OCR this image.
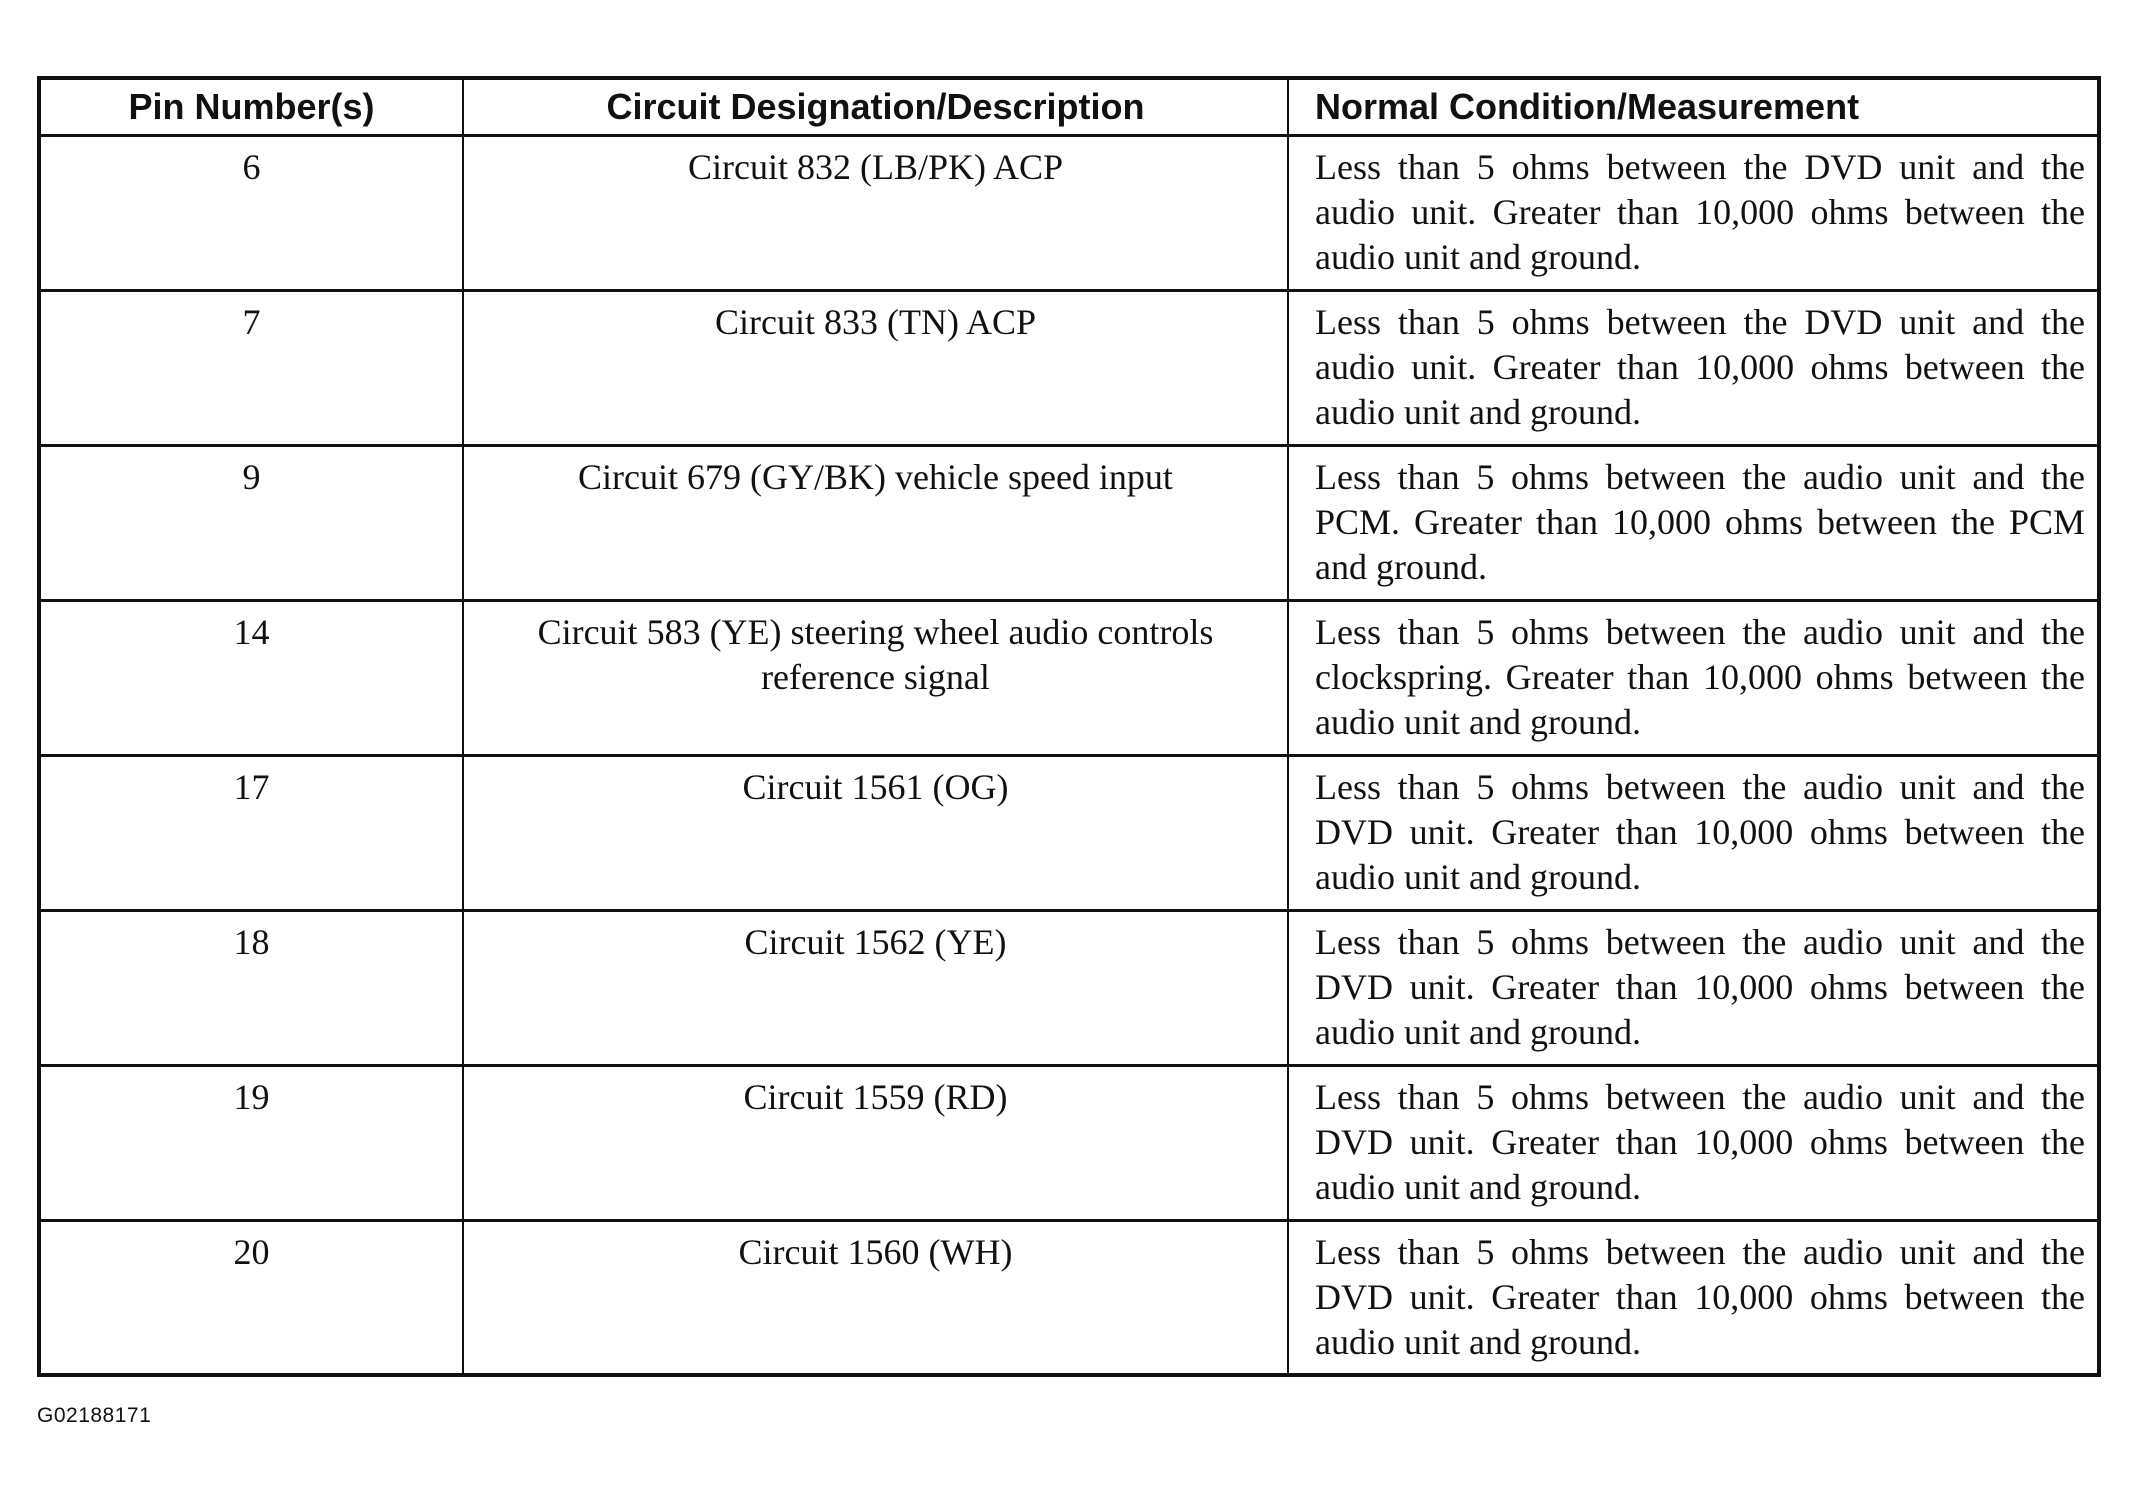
Pin Number(s)	Circuit Designation/Description	Normal Condition/Measurement
6	Circuit 832 (LB/PK) ACP	Less than 5 ohms between the DVD unit and the audio unit. Greater than 10,000 ohms between the audio unit and ground.
7	Circuit 833 (TN) ACP	Less than 5 ohms between the DVD unit and the audio unit. Greater than 10,000 ohms between the audio unit and ground.
9	Circuit 679 (GY/BK) vehicle speed input	Less than 5 ohms between the audio unit and the PCM. Greater than 10,000 ohms between the PCM and ground.
14	Circuit 583 (YE) steering wheel audio controls reference signal	Less than 5 ohms between the audio unit and the clockspring. Greater than 10,000 ohms between the audio unit and ground.
17	Circuit 1561 (OG)	Less than 5 ohms between the audio unit and the DVD unit. Greater than 10,000 ohms between the audio unit and ground.
18	Circuit 1562 (YE)	Less than 5 ohms between the audio unit and the DVD unit. Greater than 10,000 ohms between the audio unit and ground.
19	Circuit 1559 (RD)	Less than 5 ohms between the audio unit and the DVD unit. Greater than 10,000 ohms between the audio unit and ground.
20	Circuit 1560 (WH)	Less than 5 ohms between the audio unit and the DVD unit. Greater than 10,000 ohms between the audio unit and ground.
G02188171
